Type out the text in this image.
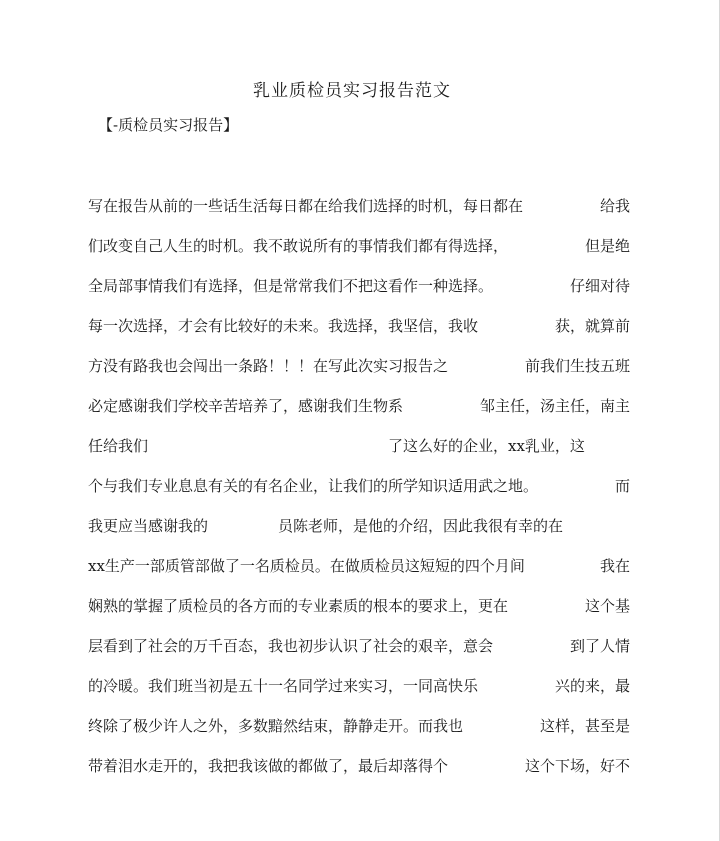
乳业质检员实习报告范文
【-质检员实习报告】
写在报告从前的一些话生活每日都在给我们选择的时机，每日都在	给我
们改变自己人生的时机。我不敢说所有的事情我们都有得选择，	但是绝
全局部事情我们有选择，但是常常我们不把这看作一种选择。	仔细对待
每一次选择，才会有比较好的未来。我选择，我坚信，我收	获，就算前
方没有路我也会闯出一条路！！！在写此次实习报告之	前我们生技五班
必定感谢我们学校辛苦培养了，感谢我们生物系	邹主任，汤主任，南主
任给我们	了这么好的企业，xx乳业，这
个与我们专业息息有关的有名企业，让我们的所学知识适用武之地。	而
我更应当感谢我的	员陈老师，是他的介绍，因此我很有幸的在
xx生产一部质管部做了一名质检员。在做质检员这短短的四个月间	我在
娴熟的掌握了质检员的各方而的专业素质的根本的要求上，更在	这个基
层看到了社会的万千百态，我也初步认识了社会的艰辛，意会	到了人情
的冷暖。我们班当初是五十一名同学过来实习，一同高快乐	兴的来，最
终除了极少许人之外，多数黯然结束，静静走开。而我也	这样，甚至是
带着泪水走开的，我把我该做的都做了，最后却落得个	这个下场，好不
